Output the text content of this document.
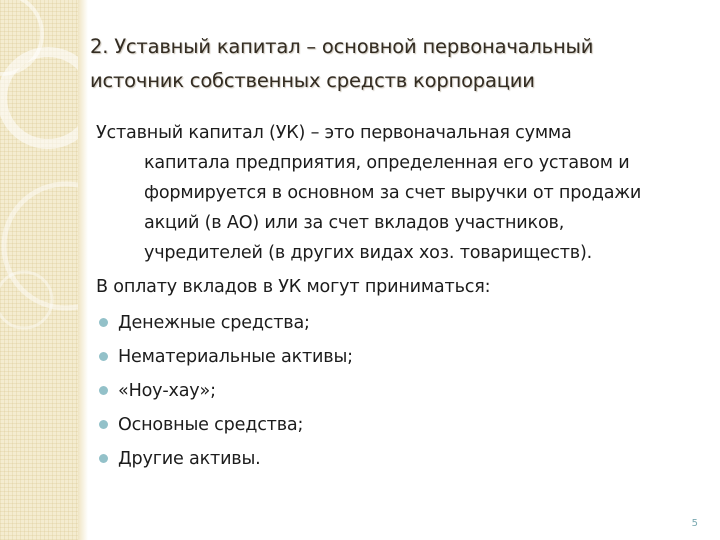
2. Уставный капитал – основной первоначальный
источник собственных средств корпорации

Уставный капитал (УК) – это первоначальная сумма
капитала предприятия, определенная его уставом и
формируется в основном за счет выручки от продажи
акций (в АО) или за счет вкладов участников,
учредителей (в других видах хоз. товариществ).

В оплату вкладов в УК могут приниматься:

Денежные средства;
Нематериальные активы;
«Ноу-хау»;
Основные средства;
Другие активы.
5
